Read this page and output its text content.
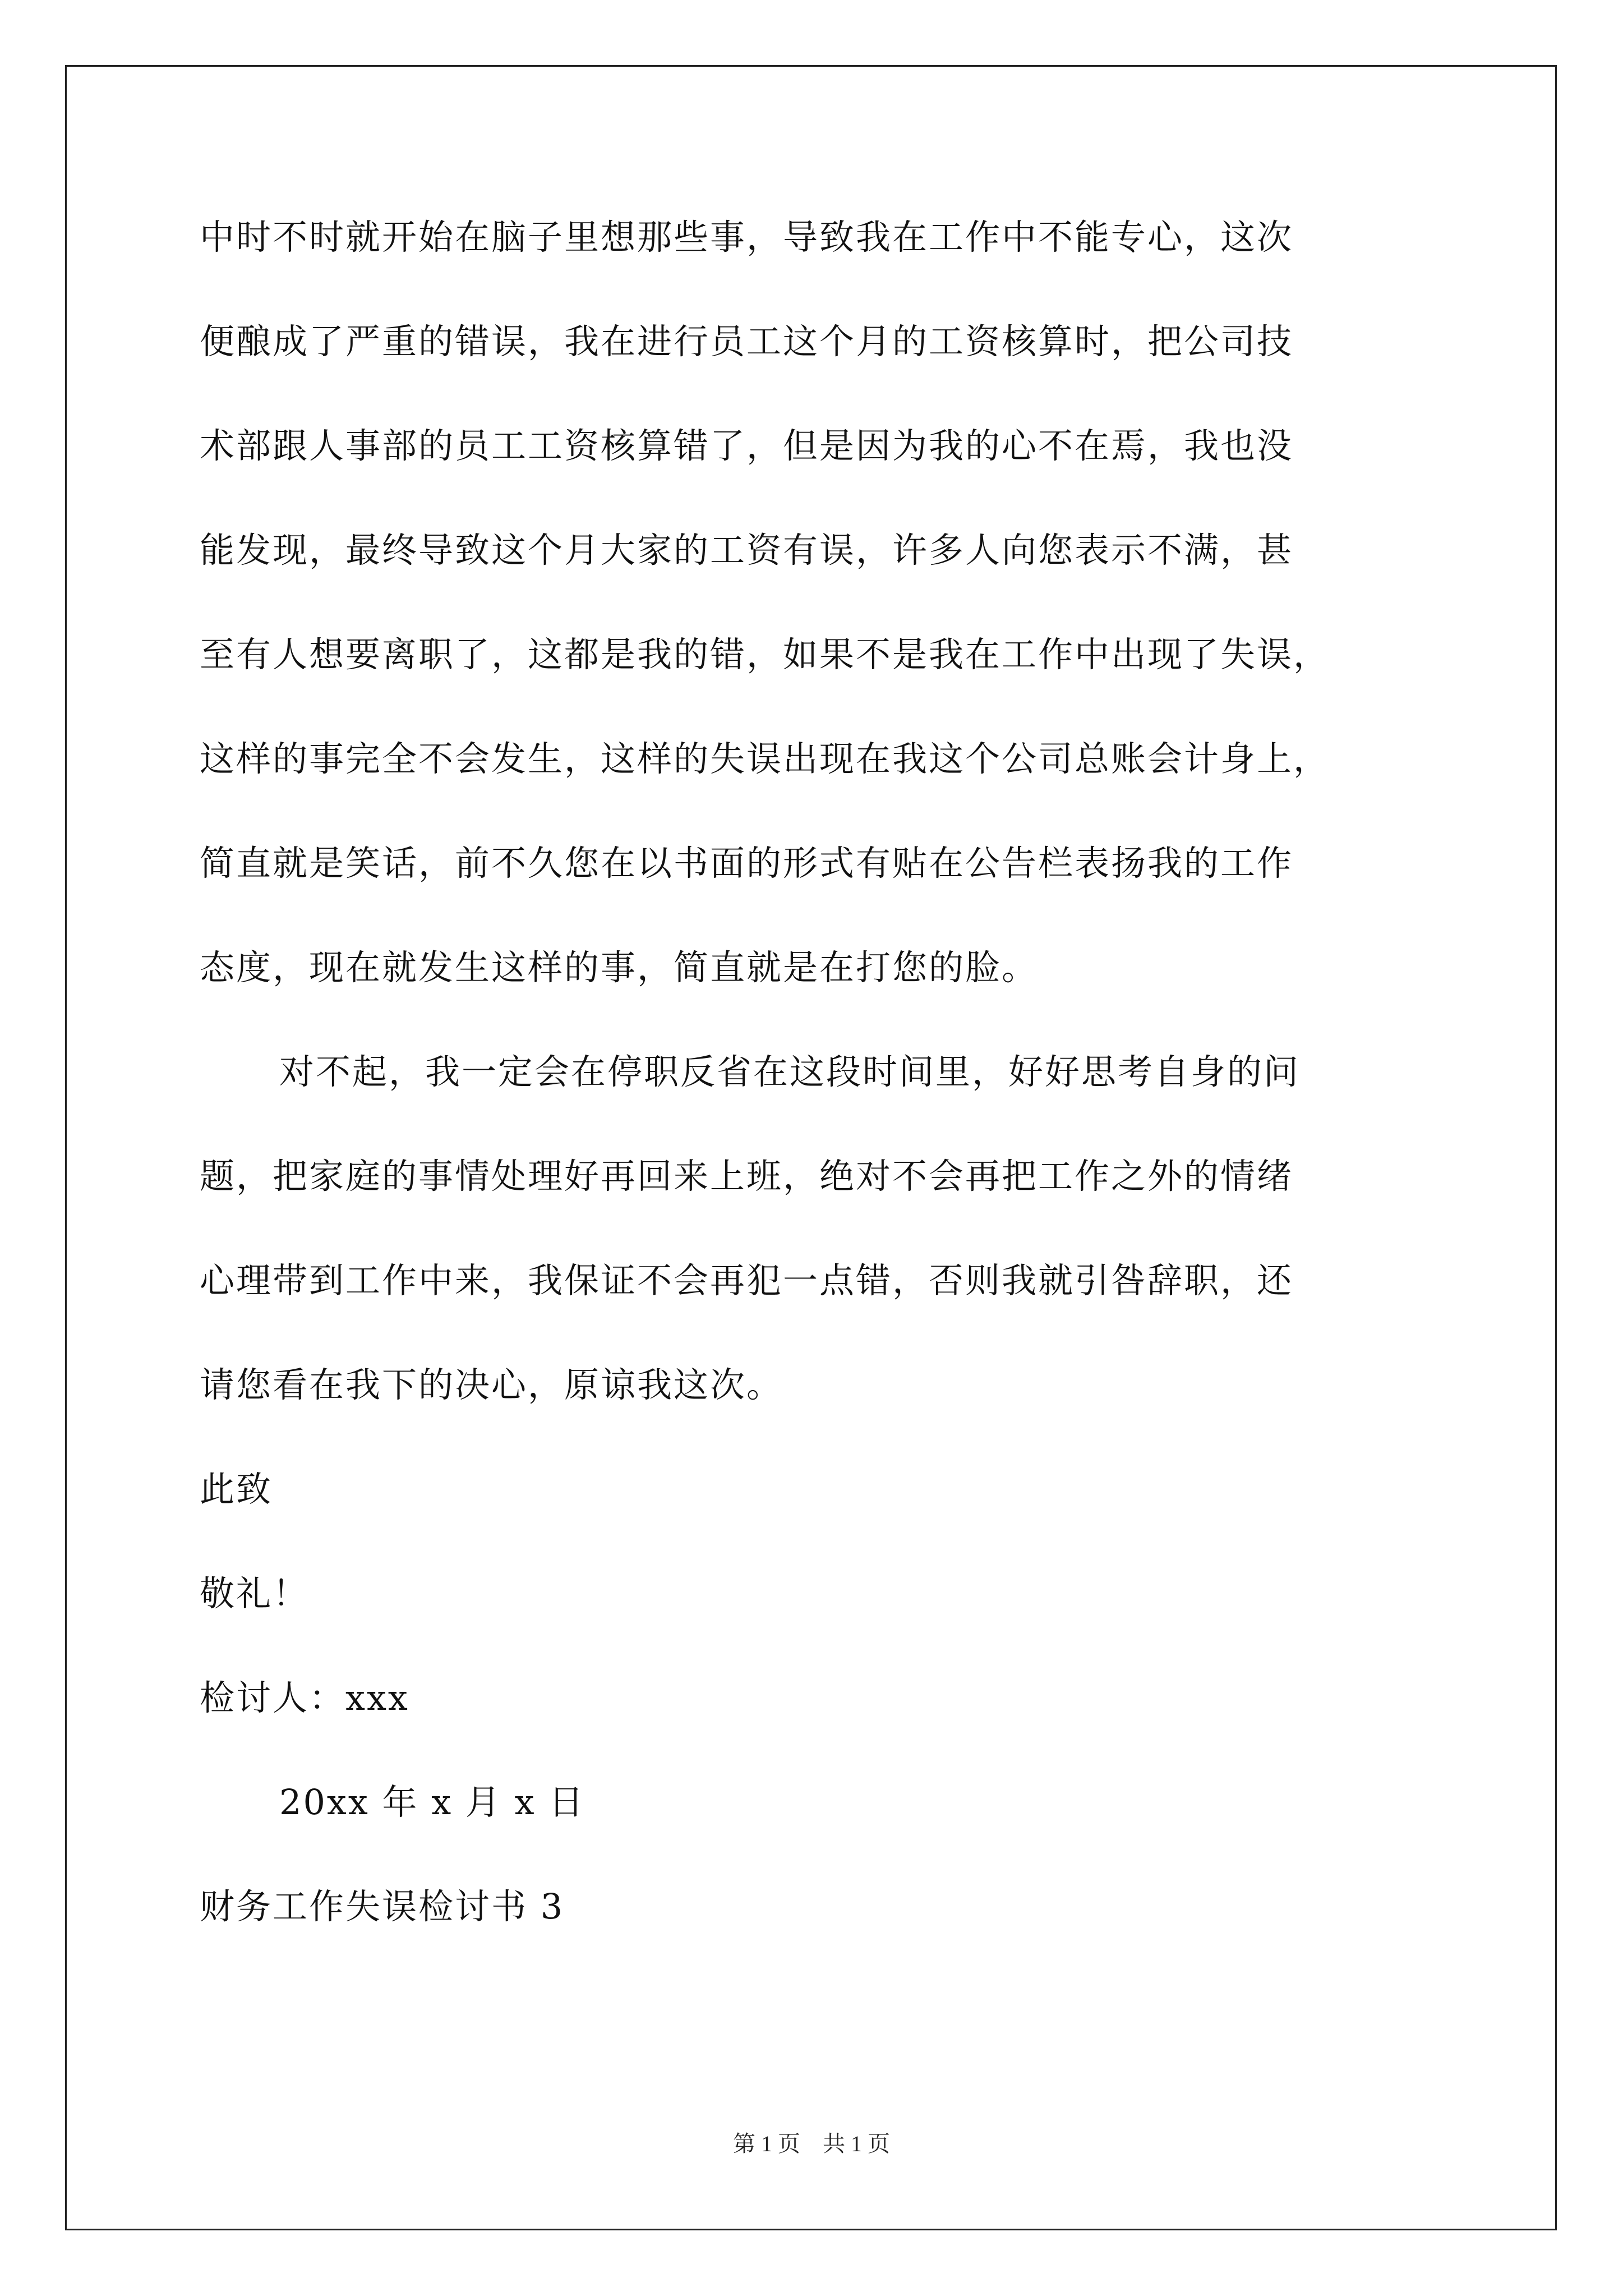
中时不时就开始在脑子里想那些事，导致我在工作中不能专心，这次
便酿成了严重的错误，我在进行员工这个月的工资核算时，把公司技
术部跟人事部的员工工资核算错了，但是因为我的心不在焉，我也没
能发现，最终导致这个月大家的工资有误，许多人向您表示不满，甚
至有人想要离职了，这都是我的错，如果不是我在工作中出现了失误，
这样的事完全不会发生，这样的失误出现在我这个公司总账会计身上，
简直就是笑话，前不久您在以书面的形式有贴在公告栏表扬我的工作
态度，现在就发生这样的事，简直就是在打您的脸。
对不起，我一定会在停职反省在这段时间里，好好思考自身的问
题，把家庭的事情处理好再回来上班，绝对不会再把工作之外的情绪
心理带到工作中来，我保证不会再犯一点错，否则我就引咎辞职，还
请您看在我下的决心，原谅我这次。
此致
敬礼！
检讨人：xxx
20xx 年 x 月 x 日
财务工作失误检讨书 3
第 1 页 共 1 页
